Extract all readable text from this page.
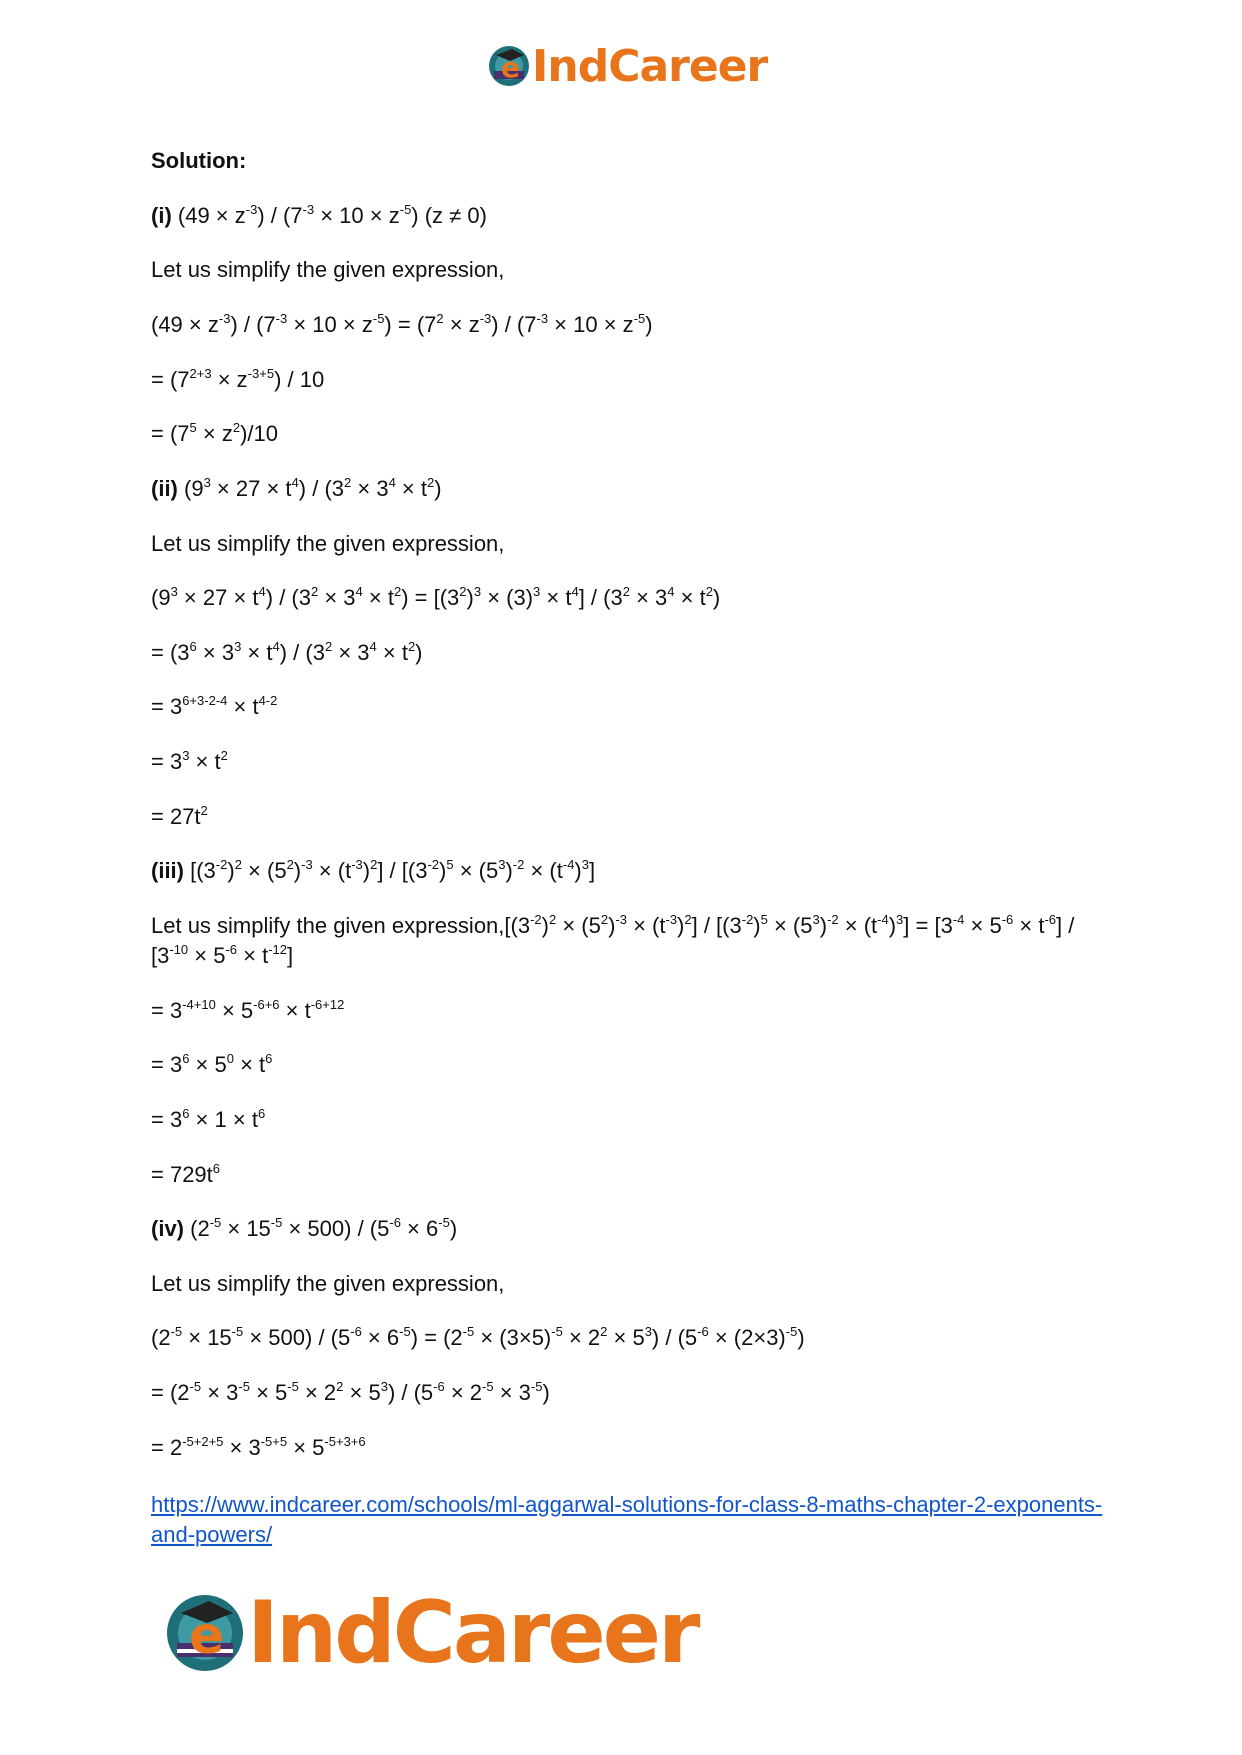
e IndCareer
Solution:
(i) $(49 \times z^{-3}) / (7^{-3} \times 10 \times z^{-5})$ (z ≠ 0)
Let us simplify the given expression,
$(49 \times z^{-3}) / (7^{-3} \times 10 \times z^{-5}) = (7^2 \times z^{-3}) / (7^{-3} \times 10 \times z^{-5})$
= $(7^{2+3} \times z^{-3+5}) / 10$
= $(7^5 \times z^2)/10$
(ii) $(9^3 \times 27 \times t^4) / (3^2 \times 3^4 \times t^2)$
Let us simplify the given expression,
$(9^3 \times 27 \times t^4) / (3^2 \times 3^4 \times t^2) = [(3^2)^3 \times (3)^3 \times t^4] / (3^2 \times 3^4 \times t^2)$
= $(3^6 \times 3^3 \times t^4) / (3^2 \times 3^4 \times t^2)$
= $3^{6+3-2-4} \times t^{4-2}$
= $3^3 \times t^2$
= $27t^2$
(iii) $[(3^{-2})^2 \times (5^2)^{-3} \times (t^{-3})^2] / [(3^{-2})^5 \times (5^3)^{-2} \times (t^{-4})^3]$
Let us simplify the given $expression,[(3^{-2})^2 \times (5^2)^{-3} \times (t^{-3})^2] / [(3^{-2})^5 \times (5^3)^{-2} \times (t^{-4})^3] = [3^{-4} \times 5^{-6} \times t^{-6}] / [3^{-10} \times 5^{-6} \times t^{-12}]$
= $3^{-4+10} \times 5^{-6+6} \times t^{-6+12}$
= $3^6 \times 5^0 \times t^6$
= $3^6 \times 1 \times t^6$
= $729t^6$
(iv) $(2^{-5} \times 15^{-5} \times 500) / (5^{-6} \times 6^{-5})$
Let us simplify the given expression,
$(2^{-5} \times 15^{-5} \times 500) / (5^{-6} \times 6^{-5}) = (2^{-5} \times (3\times 5)^{-5} \times 2^2 \times 5^3) / (5^{-6} \times (2\times 3)^{-5})$
= $(2^{-5} \times 3^{-5} \times 5^{-5} \times 2^2 \times 5^3) / (5^{-6} \times 2^{-5} \times 3^{-5})$
= $2^{-5+2+5} \times 3^{-5+5} \times 5^{-5+3+6}$
https://www.indcareer.com/schools/ml-aggarwal-solutions-for-class-8-maths-chapter-2-exponents-and-powers/
e IndCareer
